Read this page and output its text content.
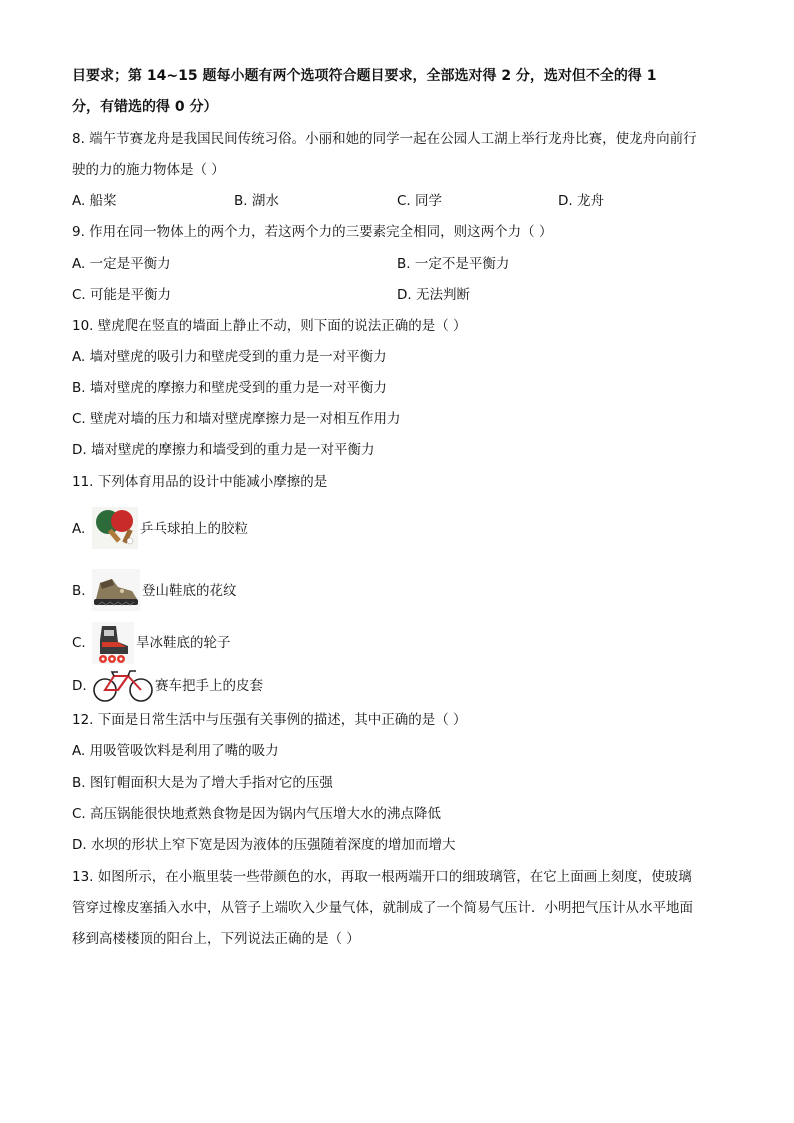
目要求；第 14~15 题每小题有两个选项符合题目要求，全部选对得 2 分，选对但不全的得 1
分，有错选的得 0 分）
8. 端午节赛龙舟是我国民间传统习俗。小丽和她的同学一起在公园人工湖上举行龙舟比赛，使龙舟向前行
驶的力的施力物体是（ ）
A. 船桨	B. 湖水	C. 同学	D. 龙舟
9. 作用在同一物体上的两个力，若这两个力的三要素完全相同，则这两个力（ ）
A. 一定是平衡力	B. 一定不是平衡力
C. 可能是平衡力	D. 无法判断
10. 壁虎爬在竖直的墙面上静止不动，则下面的说法正确的是（ ）
A. 墙对壁虎的吸引力和壁虎受到的重力是一对平衡力
B. 墙对壁虎的摩擦力和壁虎受到的重力是一对平衡力
C. 壁虎对墙的压力和墙对壁虎摩擦力是一对相互作用力
D. 墙对壁虎的摩擦力和墙受到的重力是一对平衡力
11. 下列体育用品的设计中能减小摩擦的是
A.	乒乓球拍上的胶粒
B.	登山鞋底的花纹
C.	旱冰鞋底的轮子
D.	赛车把手上的皮套
12. 下面是日常生活中与压强有关事例的描述，其中正确的是（ ）
A. 用吸管吸饮料是利用了嘴的吸力
B. 图钉帽面积大是为了增大手指对它的压强
C. 高压锅能很快地煮熟食物是因为锅内气压增大水的沸点降低
D. 水坝的形状上窄下宽是因为液体的压强随着深度的增加而增大
13. 如图所示，在小瓶里装一些带颜色的水，再取一根两端开口的细玻璃管，在它上面画上刻度，使玻璃
管穿过橡皮塞插入水中，从管子上端吹入少量气体，就制成了一个简易气压计．小明把气压计从水平地面
移到高楼楼顶的阳台上，下列说法正确的是（ ）
